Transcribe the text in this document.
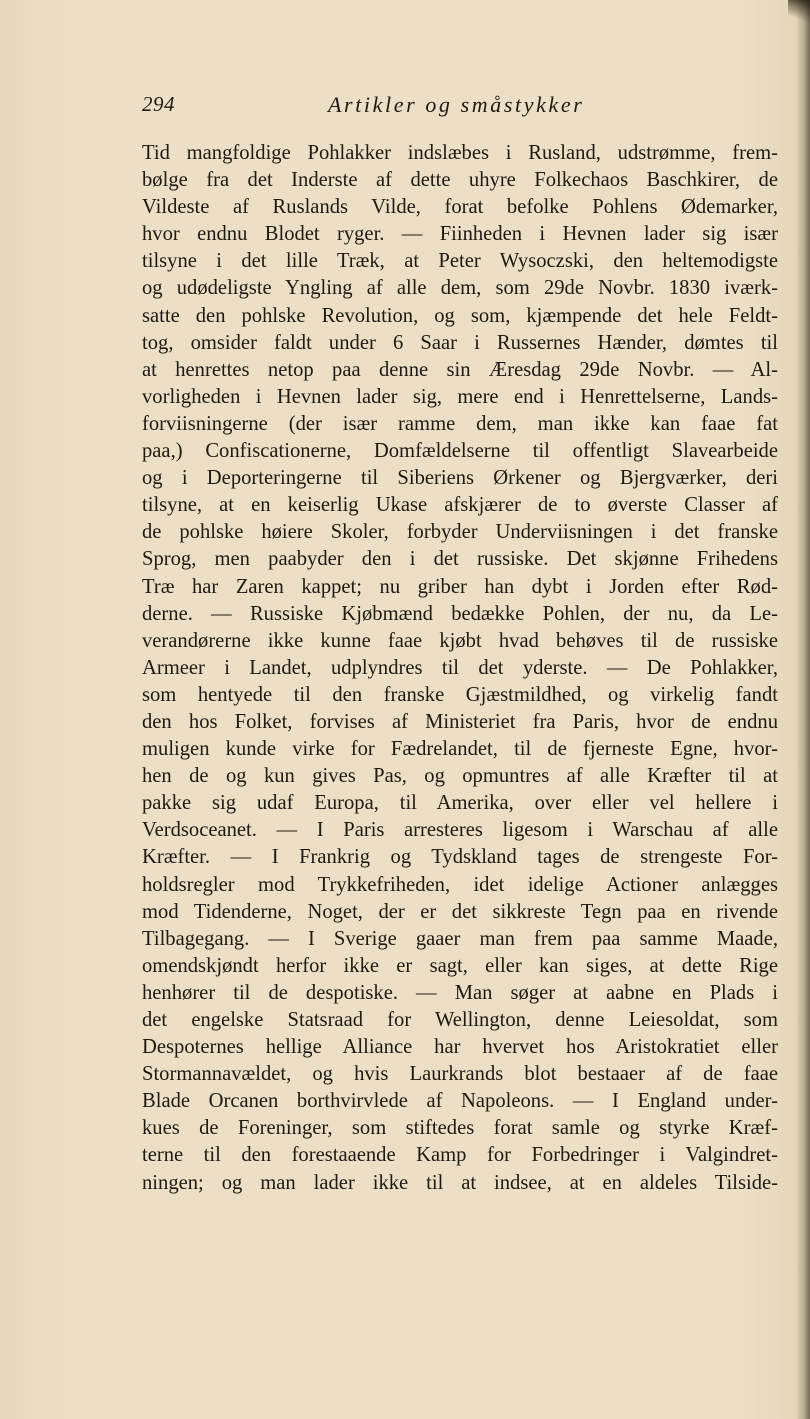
294	Artikler og småstykker
Tid mangfoldige Pohlakker indslæbes i Rusland, udstrømme, frem-
bølge fra det Inderste af dette uhyre Folkechaos Baschkirer, de
Vildeste af Ruslands Vilde, forat befolke Pohlens Ødemarker,
hvor endnu Blodet ryger. — Fiinheden i Hevnen lader sig især
tilsyne i det lille Træk, at Peter Wysoczski, den heltemodigste
og udødeligste Yngling af alle dem, som 29de Novbr. 1830 iværk-
satte den pohlske Revolution, og som, kjæmpende det hele Feldt-
tog, omsider faldt under 6 Saar i Russernes Hænder, dømtes til
at henrettes netop paa denne sin Æresdag 29de Novbr. — Al-
vorligheden i Hevnen lader sig, mere end i Henrettelserne, Lands-
forviisningerne (der især ramme dem, man ikke kan faae fat
paa,) Confiscationerne, Domfældelserne til offentligt Slavearbeide
og i Deporteringerne til Siberiens Ørkener og Bjergværker, deri
tilsyne, at en keiserlig Ukase afskjærer de to øverste Classer af
de pohlske høiere Skoler, forbyder Underviisningen i det franske
Sprog, men paabyder den i det russiske. Det skjønne Frihedens
Træ har Zaren kappet; nu griber han dybt i Jorden efter Rød-
derne. — Russiske Kjøbmænd bedække Pohlen, der nu, da Le-
verandørerne ikke kunne faae kjøbt hvad behøves til de russiske
Armeer i Landet, udplyndres til det yderste. — De Pohlakker,
som hentyede til den franske Gjæstmildhed, og virkelig fandt
den hos Folket, forvises af Ministeriet fra Paris, hvor de endnu
muligen kunde virke for Fædrelandet, til de fjerneste Egne, hvor-
hen de og kun gives Pas, og opmuntres af alle Kræfter til at
pakke sig udaf Europa, til Amerika, over eller vel hellere i
Verdsoceanet. — I Paris arresteres ligesom i Warschau af alle
Kræfter. — I Frankrig og Tydskland tages de strengeste For-
holdsregler mod Trykkefriheden, idet idelige Actioner anlægges
mod Tidenderne, Noget, der er det sikkreste Tegn paa en rivende
Tilbagegang. — I Sverige gaaer man frem paa samme Maade,
omendskjøndt herfor ikke er sagt, eller kan siges, at dette Rige
henhører til de despotiske. — Man søger at aabne en Plads i
det engelske Statsraad for Wellington, denne Leiesoldat, som
Despoternes hellige Alliance har hvervet hos Aristokratiet eller
Stormannavældet, og hvis Laurkrands blot bestaaer af de faae
Blade Orcanen borthvirvlede af Napoleons. — I England under-
kues de Foreninger, som stiftedes forat samle og styrke Kræf-
terne til den forestaaende Kamp for Forbedringer i Valgindret-
ningen; og man lader ikke til at indsee, at en aldeles Tilside-
